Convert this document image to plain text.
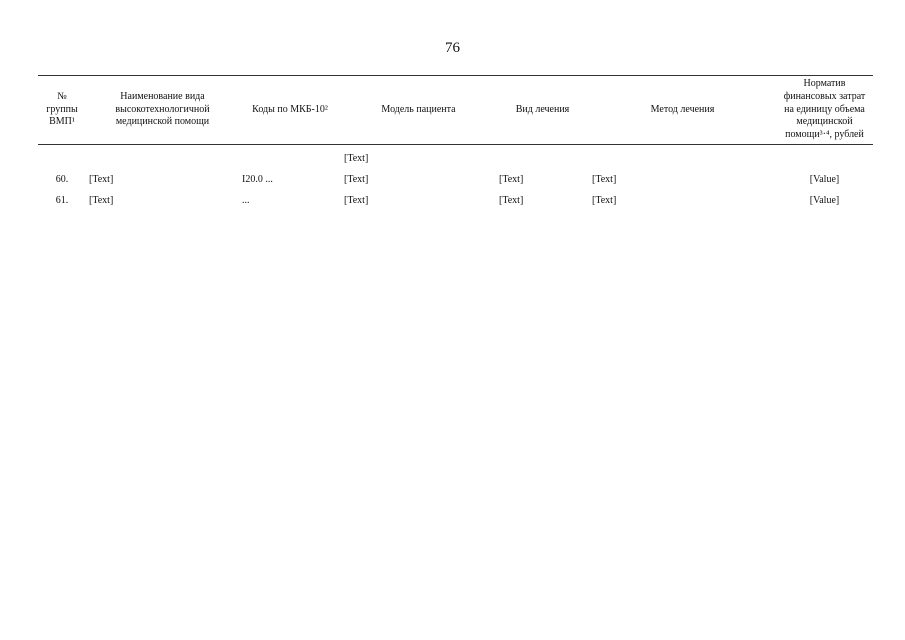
76
№ группы ВМП¹	Наименование вида высокотехнологичной медицинской помощи	Коды по МКБ-10²	Модель пациента	Вид лечения	Метод лечения	Норматив финансовых затрат на единицу объема медицинской помощи³·⁴, рублей

			[Text]			

60.	[Text]	I20.0 ...	[Text]	[Text]	[Text]	[Value]

61.	[Text]	...	[Text]	[Text]	[Text]	[Value]
